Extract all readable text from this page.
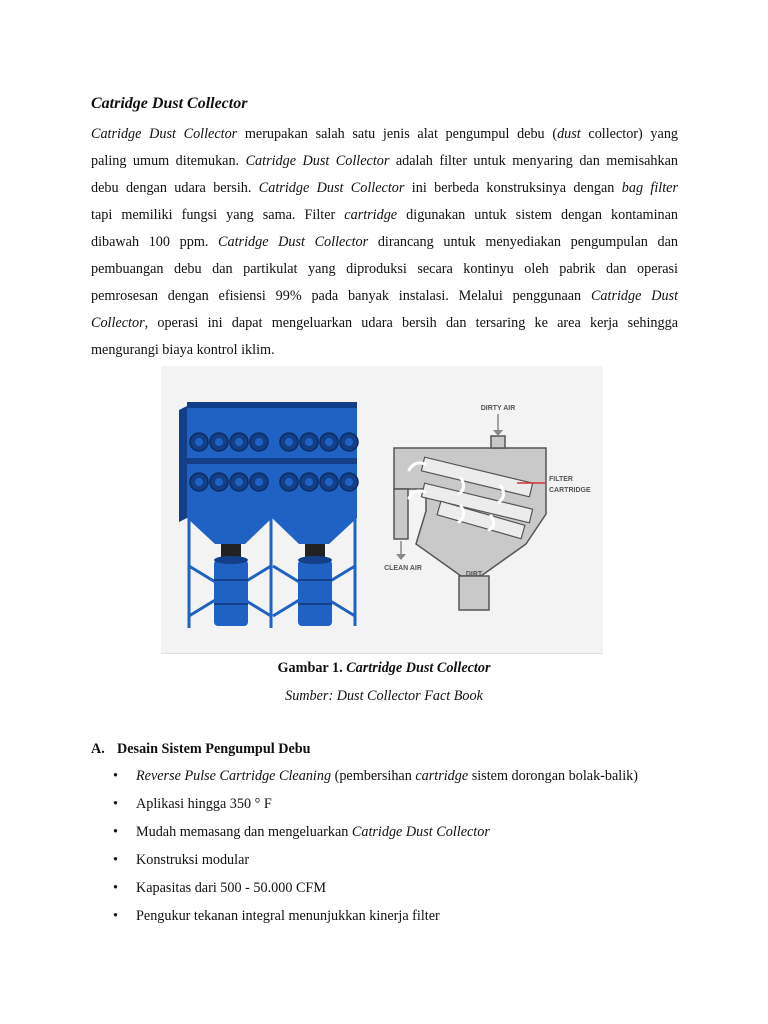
Catridge Dust Collector
Catridge Dust Collector merupakan salah satu jenis alat pengumpul debu (dust collector) yang
paling umum ditemukan. Catridge Dust Collector adalah filter untuk menyaring dan memisahkan
debu dengan udara bersih. Catridge Dust Collector ini berbeda konstruksinya dengan bag filter
tapi memiliki fungsi yang sama. Filter cartridge digunakan untuk sistem dengan kontaminan
dibawah 100 ppm. Catridge Dust Collector dirancang untuk menyediakan pengumpulan dan
pembuangan debu dan partikulat yang diproduksi secara kontinyu oleh pabrik dan operasi
pemrosesan dengan efisiensi 99% pada banyak instalasi. Melalui penggunaan Catridge Dust
Collector, operasi ini dapat mengeluarkan udara bersih dan tersaring ke area kerja sehingga
mengurangi biaya kontrol iklim.
DIRTY AIR
FILTER
CARTRIDGE
CLEAN AIR
DIRT
Gambar 1. Cartridge Dust Collector
Sumber: Dust Collector Fact Book
A. Desain Sistem Pengumpul Debu
• Reverse Pulse Cartridge Cleaning (pembersihan cartridge sistem dorongan bolak-balik)
• Aplikasi hingga 350 ° F
• Mudah memasang dan mengeluarkan Catridge Dust Collector
• Konstruksi modular
• Kapasitas dari 500 - 50.000 CFM
• Pengukur tekanan integral menunjukkan kinerja filter
